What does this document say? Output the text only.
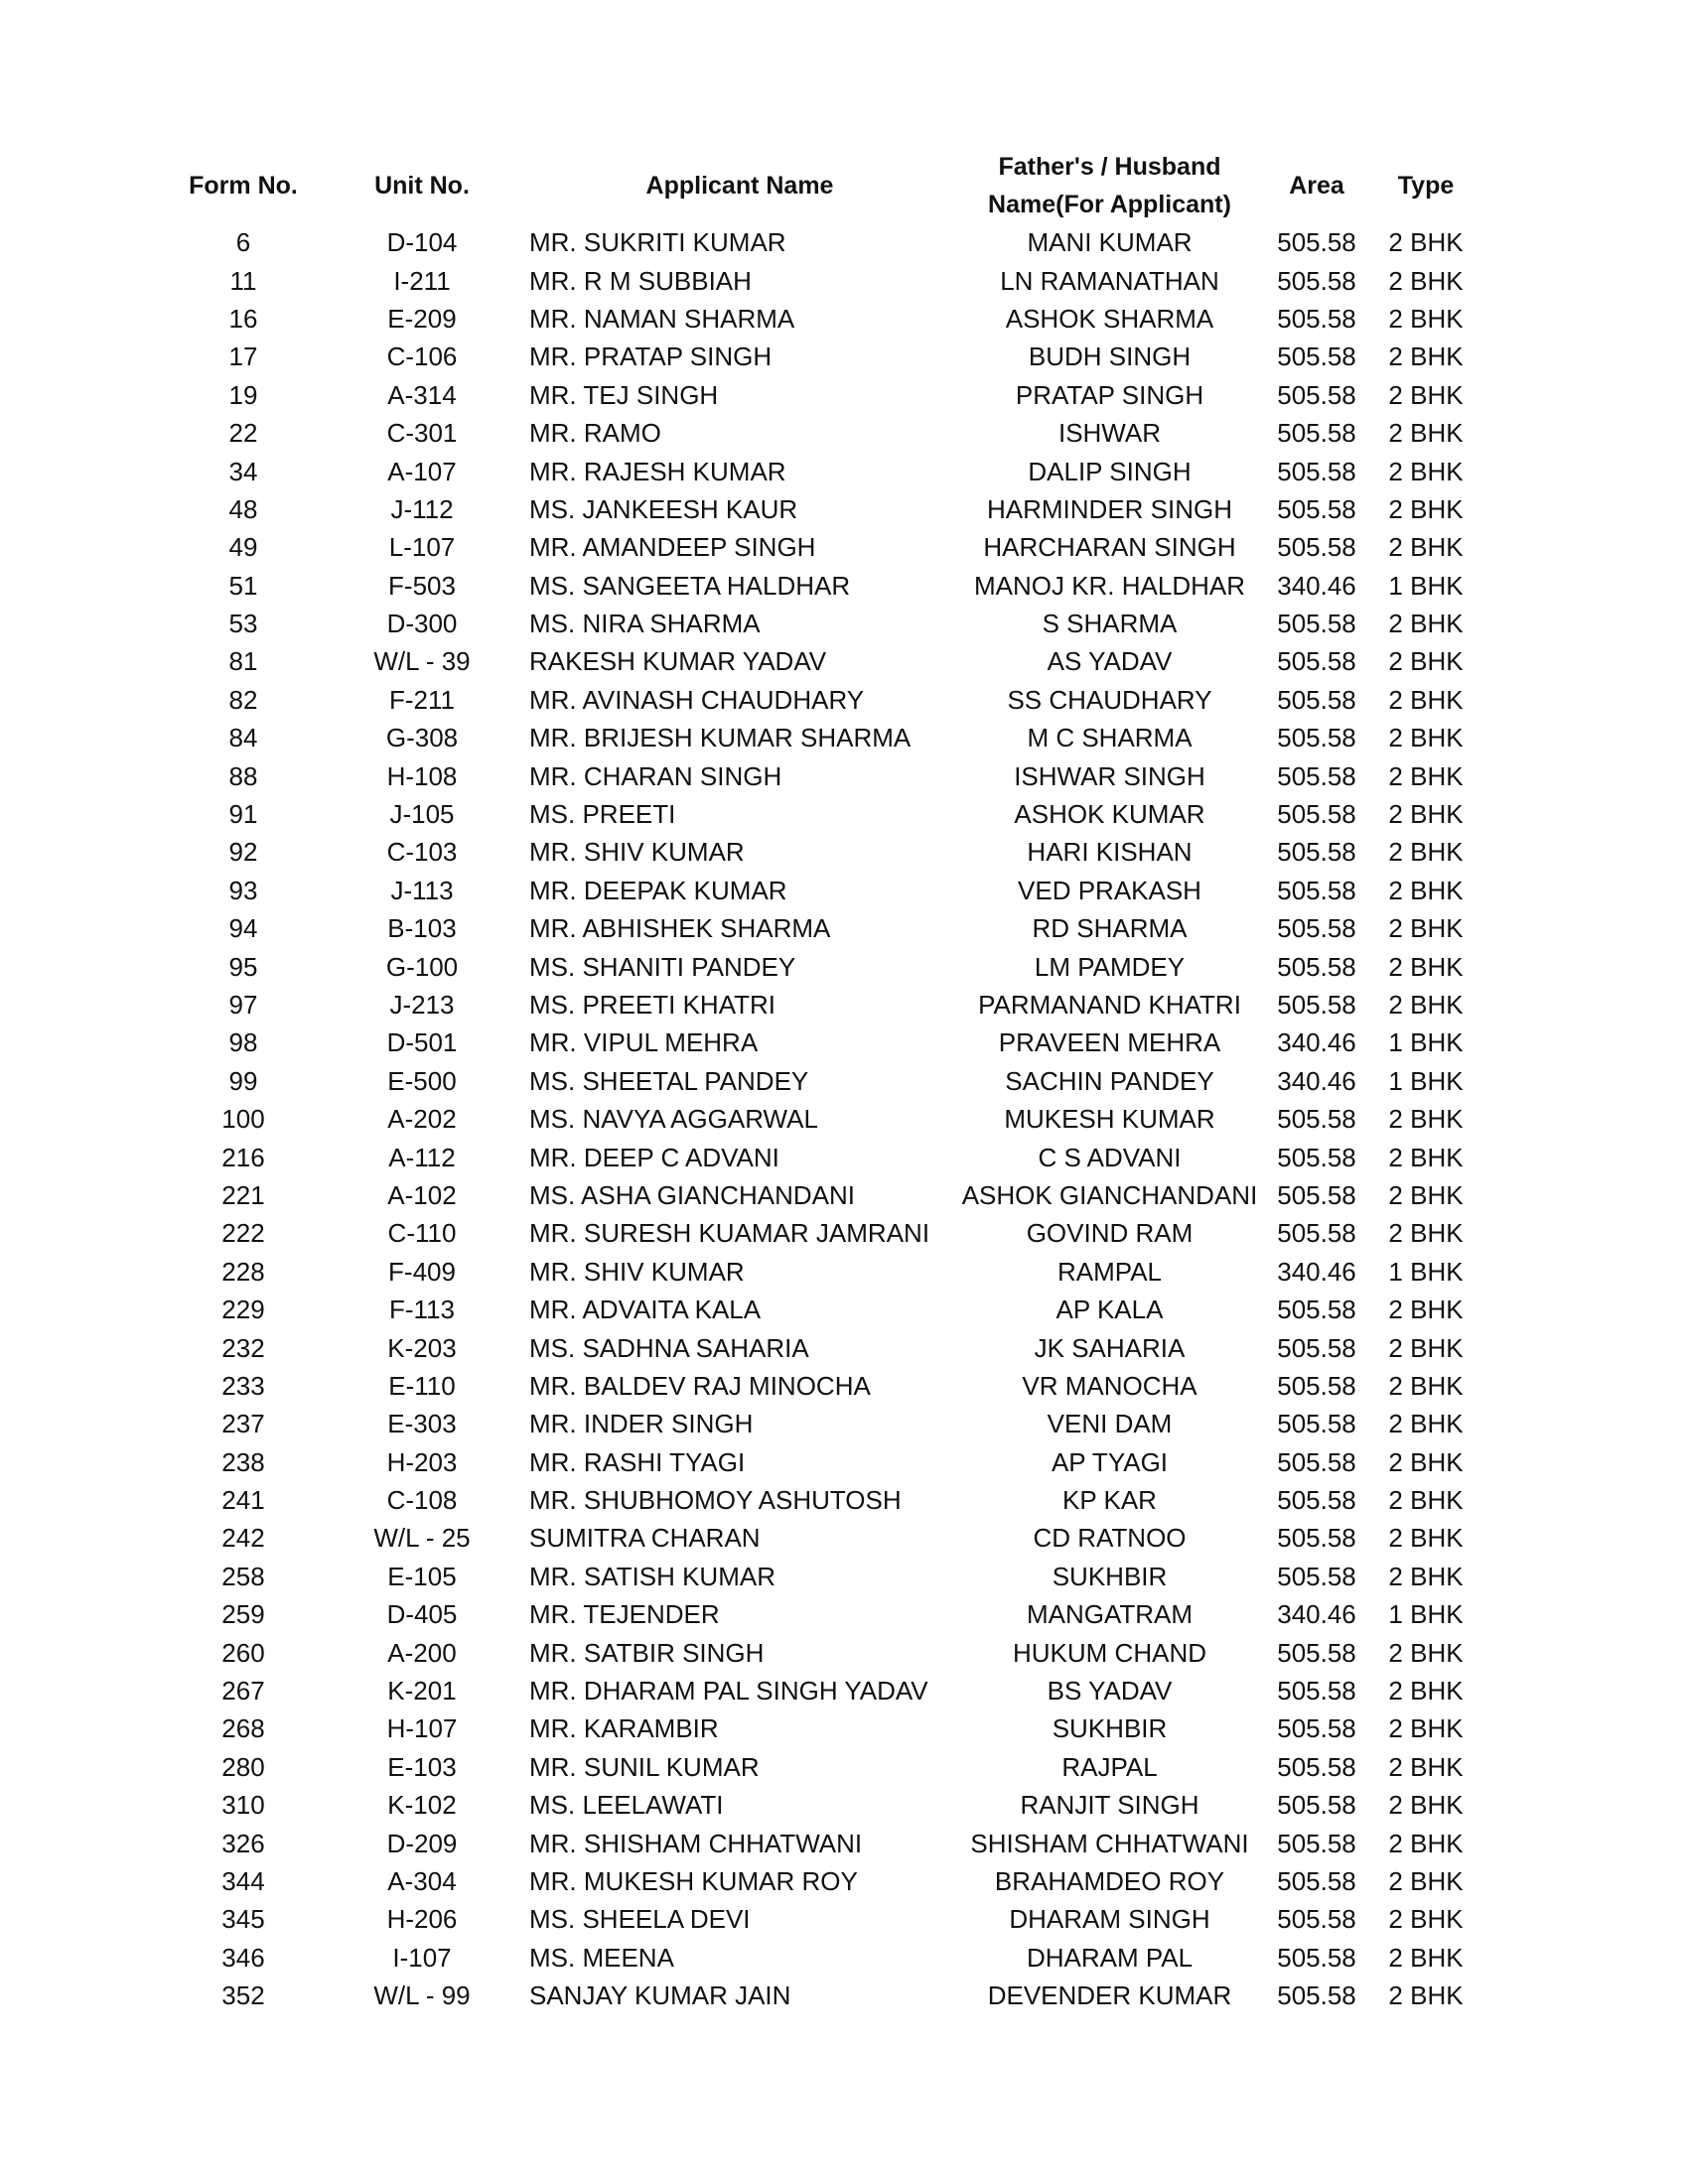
Form No.	Unit No.	Applicant Name	Father's / Husband
Name(For Applicant)	Area	Type
6	D-104	MR. SUKRITI KUMAR	MANI KUMAR	505.58	2 BHK
11	I-211	MR. R M SUBBIAH	LN RAMANATHAN	505.58	2 BHK
16	E-209	MR. NAMAN SHARMA	ASHOK SHARMA	505.58	2 BHK
17	C-106	MR. PRATAP SINGH	BUDH SINGH	505.58	2 BHK
19	A-314	MR. TEJ SINGH	PRATAP SINGH	505.58	2 BHK
22	C-301	MR. RAMO	ISHWAR	505.58	2 BHK
34	A-107	MR. RAJESH KUMAR	DALIP SINGH	505.58	2 BHK
48	J-112	MS. JANKEESH KAUR	HARMINDER SINGH	505.58	2 BHK
49	L-107	MR. AMANDEEP SINGH	HARCHARAN SINGH	505.58	2 BHK
51	F-503	MS. SANGEETA HALDHAR	MANOJ KR. HALDHAR	340.46	1 BHK
53	D-300	MS. NIRA SHARMA	S SHARMA	505.58	2 BHK
81	W/L - 39	RAKESH KUMAR YADAV	AS YADAV	505.58	2 BHK
82	F-211	MR. AVINASH CHAUDHARY	SS CHAUDHARY	505.58	2 BHK
84	G-308	MR. BRIJESH KUMAR SHARMA	M C SHARMA	505.58	2 BHK
88	H-108	MR. CHARAN SINGH	ISHWAR SINGH	505.58	2 BHK
91	J-105	MS. PREETI	ASHOK KUMAR	505.58	2 BHK
92	C-103	MR. SHIV KUMAR	HARI KISHAN	505.58	2 BHK
93	J-113	MR. DEEPAK KUMAR	VED PRAKASH	505.58	2 BHK
94	B-103	MR. ABHISHEK SHARMA	RD SHARMA	505.58	2 BHK
95	G-100	MS. SHANITI PANDEY	LM PAMDEY	505.58	2 BHK
97	J-213	MS. PREETI KHATRI	PARMANAND KHATRI	505.58	2 BHK
98	D-501	MR. VIPUL MEHRA	PRAVEEN MEHRA	340.46	1 BHK
99	E-500	MS. SHEETAL PANDEY	SACHIN PANDEY	340.46	1 BHK
100	A-202	MS. NAVYA AGGARWAL	MUKESH KUMAR	505.58	2 BHK
216	A-112	MR. DEEP C ADVANI	C S ADVANI	505.58	2 BHK
221	A-102	MS. ASHA GIANCHANDANI	ASHOK GIANCHANDANI	505.58	2 BHK
222	C-110	MR. SURESH KUAMAR JAMRANI	GOVIND RAM	505.58	2 BHK
228	F-409	MR. SHIV KUMAR	RAMPAL	340.46	1 BHK
229	F-113	MR. ADVAITA KALA	AP KALA	505.58	2 BHK
232	K-203	MS. SADHNA SAHARIA	JK SAHARIA	505.58	2 BHK
233	E-110	MR. BALDEV RAJ MINOCHA	VR MANOCHA	505.58	2 BHK
237	E-303	MR. INDER SINGH	VENI DAM	505.58	2 BHK
238	H-203	MR. RASHI TYAGI	AP TYAGI	505.58	2 BHK
241	C-108	MR. SHUBHOMOY ASHUTOSH	KP KAR	505.58	2 BHK
242	W/L - 25	SUMITRA CHARAN	CD RATNOO	505.58	2 BHK
258	E-105	MR. SATISH KUMAR	SUKHBIR	505.58	2 BHK
259	D-405	MR. TEJENDER	MANGATRAM	340.46	1 BHK
260	A-200	MR. SATBIR SINGH	HUKUM CHAND	505.58	2 BHK
267	K-201	MR. DHARAM PAL SINGH YADAV	BS YADAV	505.58	2 BHK
268	H-107	MR. KARAMBIR	SUKHBIR	505.58	2 BHK
280	E-103	MR. SUNIL KUMAR	RAJPAL	505.58	2 BHK
310	K-102	MS. LEELAWATI	RANJIT SINGH	505.58	2 BHK
326	D-209	MR. SHISHAM CHHATWANI	SHISHAM CHHATWANI	505.58	2 BHK
344	A-304	MR. MUKESH KUMAR ROY	BRAHAMDEO ROY	505.58	2 BHK
345	H-206	MS. SHEELA DEVI	DHARAM SINGH	505.58	2 BHK
346	I-107	MS. MEENA	DHARAM PAL	505.58	2 BHK
352	W/L - 99	SANJAY KUMAR JAIN	DEVENDER KUMAR	505.58	2 BHK
